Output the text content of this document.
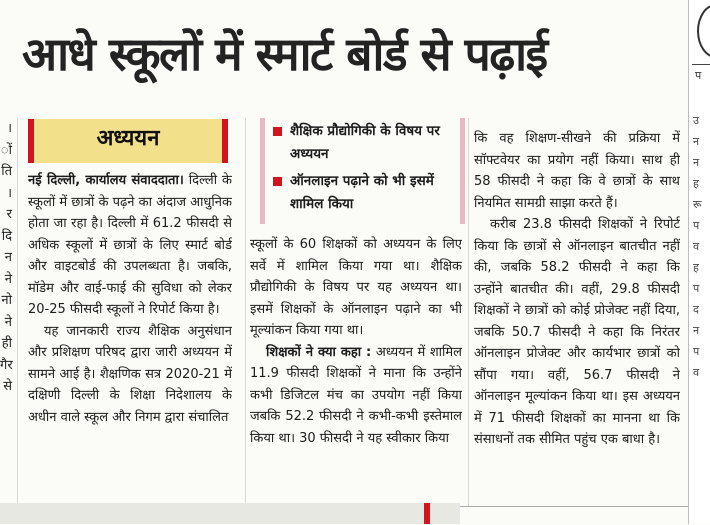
आधे स्कूलों में स्मार्ट बोर्ड से पढ़ाई
।
ों
ति
।
र
दि
न
ने
नो
ने
ही
गैर
से
अध्ययन

नई दिल्ली, कार्यालय संवाददाता। दिल्ली के स्कूलों में छात्रों के पढ़ने का अंदाज आधुनिक होता जा रहा है। दिल्ली में 61.2 फीसदी से अधिक स्कूलों में छात्रों के लिए स्मार्ट बोर्ड और वाइटबोर्ड की उपलब्धता है। जबकि, मॉडेम और वाई-फाई की सुविधा को लेकर 20-25 फीसदी स्कूलों ने रिपोर्ट किया है।

यह जानकारी राज्य शैक्षिक अनुसंधान और प्रशिक्षण परिषद द्वारा जारी अध्ययन में सामने आई है। शैक्षणिक सत्र 2020-21 में दक्षिणी दिल्ली के शिक्षा निदेशालय के अधीन वाले स्कूल और निगम द्वारा संचालित

शैक्षिक प्रौद्योगिकी के विषय पर अध्ययन
ऑनलाइन पढ़ाने को भी इसमें शामिल किया

स्कूलों के 60 शिक्षकों को अध्ययन के लिए सर्वे में शामिल किया गया था। शैक्षिक प्रौद्योगिकी के विषय पर यह अध्ययन था। इसमें शिक्षकों के ऑनलाइन पढ़ाने का भी मूल्यांकन किया गया था।

शिक्षकों ने क्या कहा : अध्ययन में शामिल 11.9 फीसदी शिक्षकों ने माना कि उन्होंने कभी डिजिटल मंच का उपयोग नहीं किया जबकि 52.2 फीसदी ने कभी-कभी इस्तेमाल किया था। 30 फीसदी ने यह स्वीकार किया

कि वह शिक्षण-सीखने की प्रक्रिया में सॉफ्टवेयर का प्रयोग नहीं किया। साथ ही 58 फीसदी ने कहा कि वे छात्रों के साथ नियमित सामग्री साझा करते हैं।

करीब 23.8 फीसदी शिक्षकों ने रिपोर्ट किया कि छात्रों से ऑनलाइन बातचीत नहीं की, जबकि 58.2 फीसदी ने कहा कि उन्होंने बातचीत की। वहीं, 29.8 फीसदी शिक्षकों ने छात्रों को कोई प्रोजेक्ट नहीं दिया, जबकि 50.7 फीसदी ने कहा कि निरंतर ऑनलाइन प्रोजेक्ट और कार्यभार छात्रों को सौंपा गया। वहीं, 56.7 फीसदी ने ऑनलाइन मूल्यांकन किया था। इस अध्ययन में 71 फीसदी शिक्षकों का मानना था कि संसाधनों तक सीमित पहुंच एक बाधा है।

उ
न
न
ह
रू
प
व
ह
प
द
न
प
व
प
